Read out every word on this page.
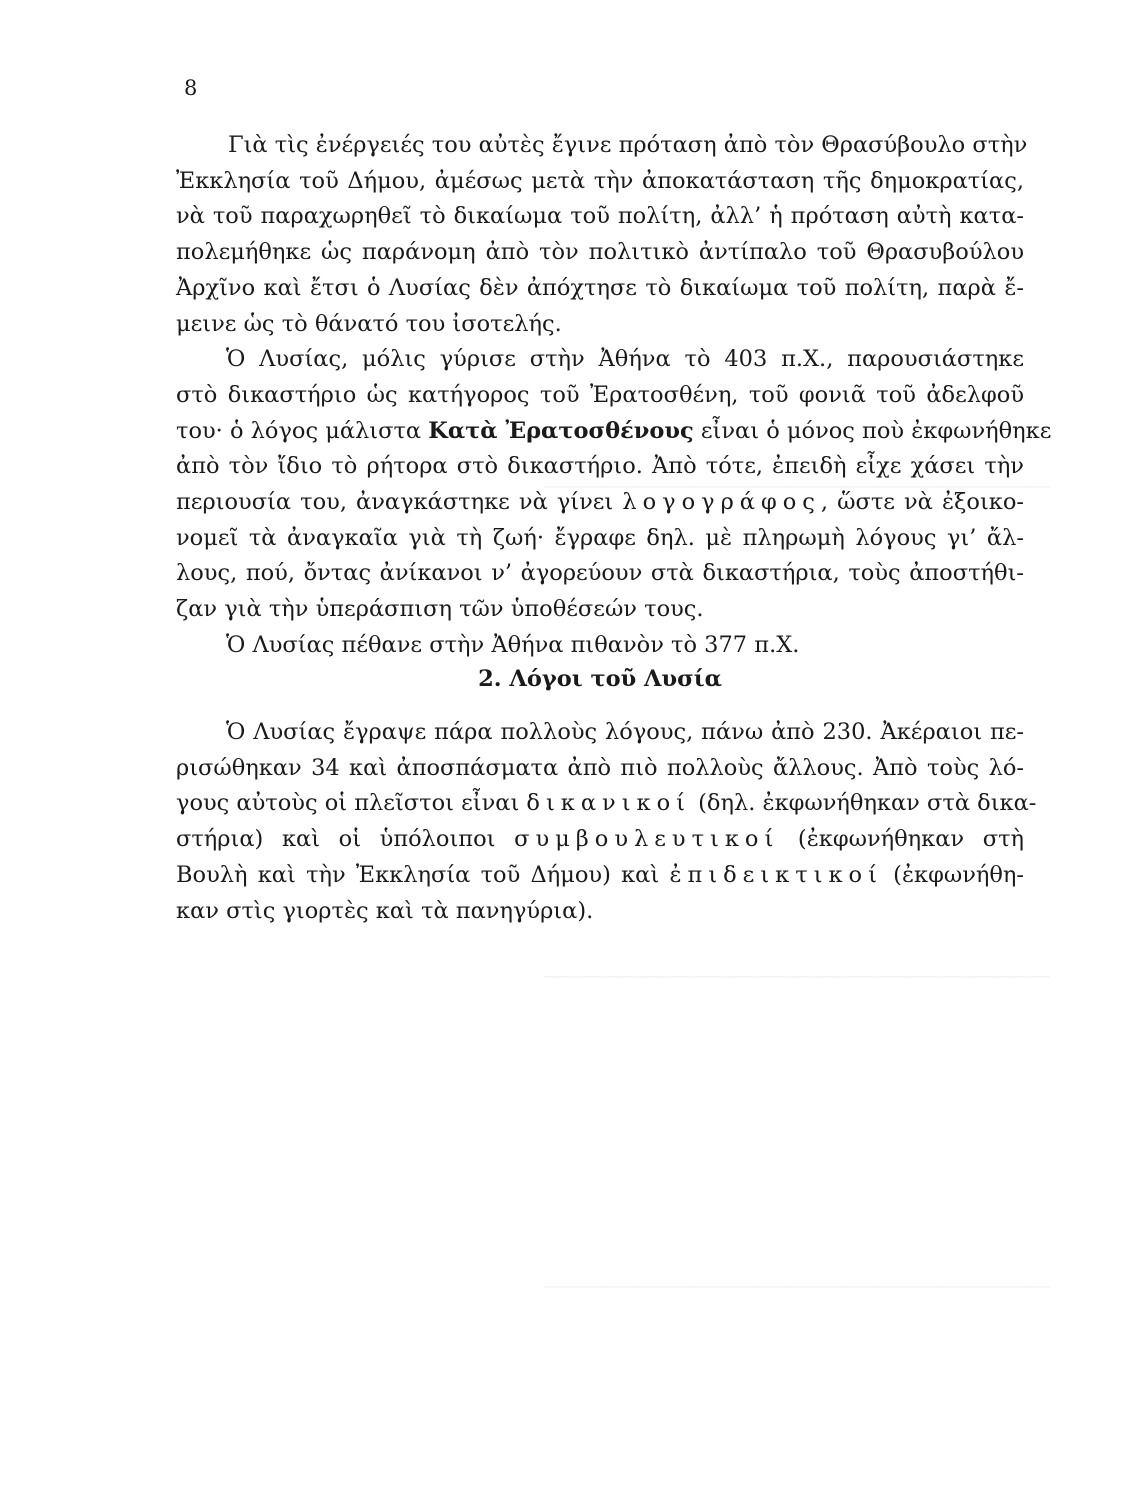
8
Γιὰ τὶς ἐνέργειές του αὐτὲς ἔγινε πρόταση ἀπὸ τὸν Θρασύβουλο στὴν
Ἐκκλησία τοῦ Δήμου, ἀμέσως μετὰ τὴν ἀποκατάσταση τῆς δημοκρατίας,
νὰ τοῦ παραχωρηθεῖ τὸ δικαίωμα τοῦ πολίτη, ἀλλ’ ἡ πρόταση αὐτὴ κατα-
πολεμήθηκε ὡς παράνομη ἀπὸ τὸν πολιτικὸ ἀντίπαλο τοῦ Θρασυβούλου
Ἀρχῖνο καὶ ἔτσι ὁ Λυσίας δὲν ἀπόχτησε τὸ δικαίωμα τοῦ πολίτη, παρὰ ἔ-
μεινε ὡς τὸ θάνατό του ἰσοτελής.
Ὁ Λυσίας, μόλις γύρισε στὴν Ἀθήνα τὸ 403 π.Χ., παρουσιάστηκε
στὸ δικαστήριο ὡς κατήγορος τοῦ Ἐρατοσθένη, τοῦ φονιᾶ τοῦ ἀδελφοῦ
του· ὁ λόγος μάλιστα Κατὰ Ἐρατοσθένους εἶναι ὁ μόνος ποὺ ἐκφωνήθηκε
ἀπὸ τὸν ἴδιο τὸ ρήτορα στὸ δικαστήριο. Ἀπὸ τότε, ἐπειδὴ εἶχε χάσει τὴν
περιουσία του, ἀναγκάστηκε νὰ γίνει λογογράφος, ὥστε νὰ ἐξοικο-
νομεῖ τὰ ἀναγκαῖα γιὰ τὴ ζωή· ἔγραφε δηλ. μὲ πληρωμὴ λόγους γι’ ἄλ-
λους, πού, ὄντας ἀνίκανοι ν’ ἀγορεύουν στὰ δικαστήρια, τοὺς ἀποστήθι-
ζαν γιὰ τὴν ὑπεράσπιση τῶν ὑποθέσεών τους.
Ὁ Λυσίας πέθανε στὴν Ἀθήνα πιθανὸν τὸ 377 π.Χ.
2. Λόγοι τοῦ Λυσία
Ὁ Λυσίας ἔγραψε πάρα πολλοὺς λόγους, πάνω ἀπὸ 230. Ἀκέραιοι πε-
ρισώθηκαν 34 καὶ ἀποσπάσματα ἀπὸ πιὸ πολλοὺς ἄλλους. Ἀπὸ τοὺς λό-
γους αὐτοὺς οἱ πλεῖστοι εἶναι δικανικοί (δηλ. ἐκφωνήθηκαν στὰ δικα-
στήρια) καὶ οἱ ὑπόλοιποι συμβουλευτικοί (ἐκφωνήθηκαν στὴ
Βουλὴ καὶ τὴν Ἐκκλησία τοῦ Δήμου) καὶ ἐπιδεικτικοί (ἐκφωνήθη-
καν στὶς γιορτὲς καὶ τὰ πανηγύρια).
